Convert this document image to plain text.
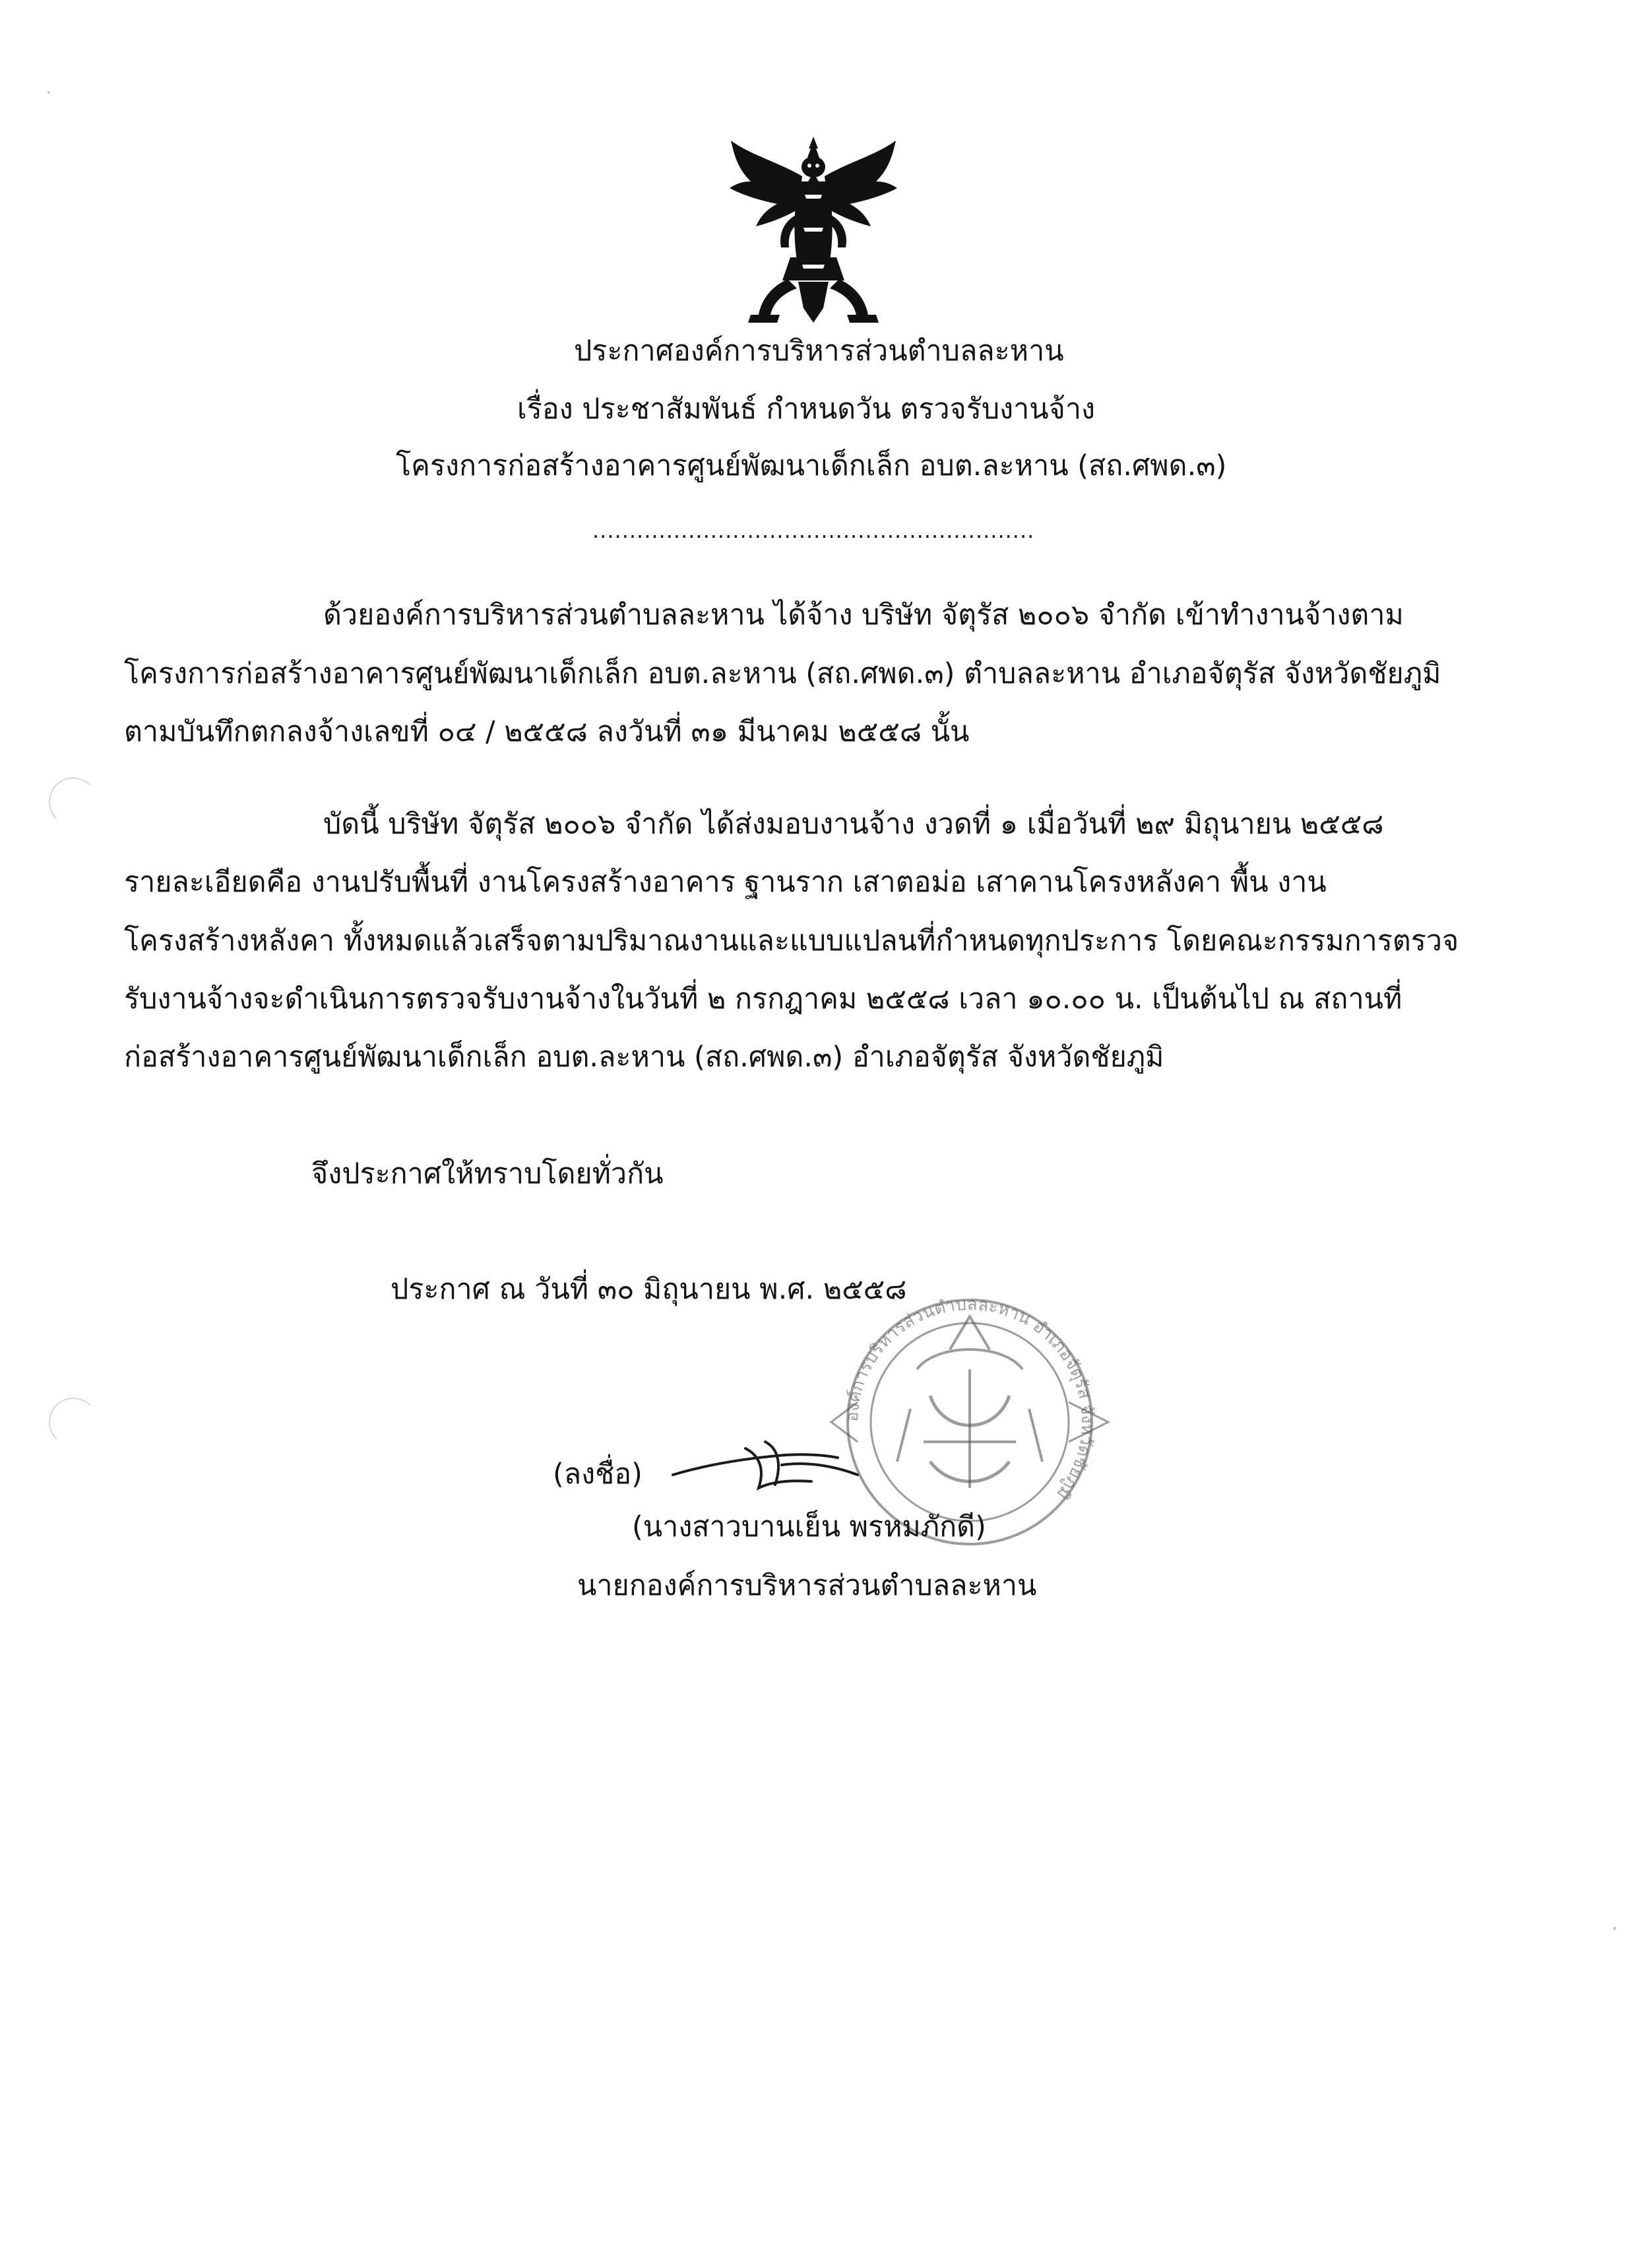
ประกาศองค์การบริหารส่วนตำบลละหาน
เรื่อง ประชาสัมพันธ์ กำหนดวัน ตรวจรับงานจ้าง
โครงการก่อสร้างอาคารศูนย์พัฒนาเด็กเล็ก อบต.ละหาน (สถ.ศพด.๓)
............................................................
ด้วยองค์การบริหารส่วนตำบลละหาน ได้จ้าง บริษัท จัตุรัส ๒๐๐๖ จำกัด เข้าทำงานจ้างตาม
โครงการก่อสร้างอาคารศูนย์พัฒนาเด็กเล็ก อบต.ละหาน (สถ.ศพด.๓) ตำบลละหาน อำเภอจัตุรัส จังหวัดชัยภูมิ
ตามบันทึกตกลงจ้างเลขที่ ๐๔ / ๒๕๕๘ ลงวันที่ ๓๑ มีนาคม ๒๕๕๘ นั้น
บัดนี้ บริษัท จัตุรัส ๒๐๐๖ จำกัด ได้ส่งมอบงานจ้าง งวดที่ ๑ เมื่อวันที่ ๒๙ มิถุนายน ๒๕๕๘
รายละเอียดคือ งานปรับพื้นที่ งานโครงสร้างอาคาร ฐานราก เสาตอม่อ เสาคานโครงหลังคา พื้น งาน
โครงสร้างหลังคา ทั้งหมดแล้วเสร็จตามปริมาณงานและแบบแปลนที่กำหนดทุกประการ โดยคณะกรรมการตรวจ
รับงานจ้างจะดำเนินการตรวจรับงานจ้างในวันที่ ๒ กรกฎาคม ๒๕๕๘ เวลา ๑๐.๐๐ น. เป็นต้นไป ณ สถานที่
ก่อสร้างอาคารศูนย์พัฒนาเด็กเล็ก อบต.ละหาน (สถ.ศพด.๓) อำเภอจัตุรัส จังหวัดชัยภูมิ
จึงประกาศให้ทราบโดยทั่วกัน
ประกาศ ณ วันที่ ๓๐ มิถุนายน พ.ศ. ๒๕๕๘
องค์การบริหารส่วนตำบลละหาน อำเภอจัตุรัส จังหวัดชัยภูมิ
(ลงชื่อ)
(นางสาวบานเย็น พรหมภักดี)
นายกองค์การบริหารส่วนตำบลละหาน
